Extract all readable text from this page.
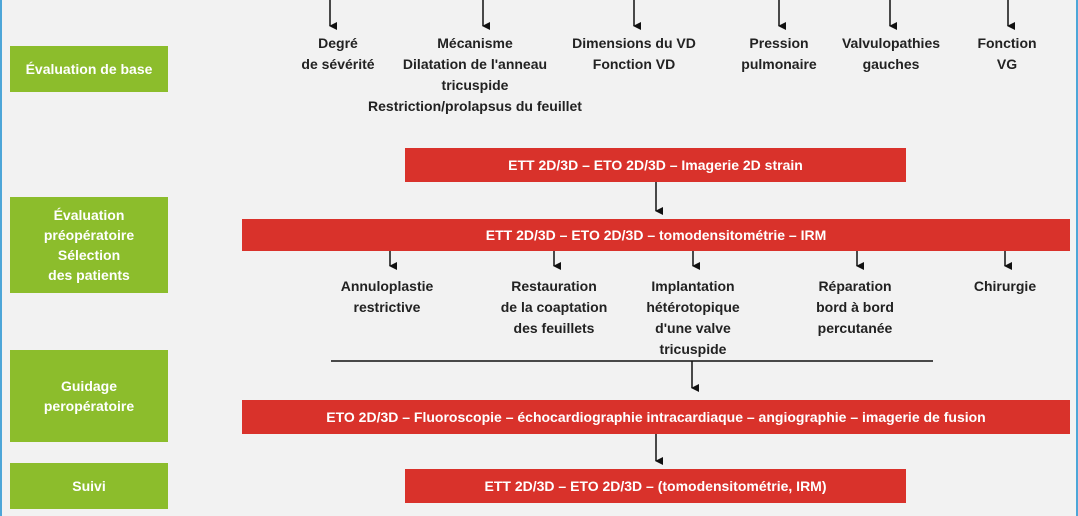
Évaluation de base
Évaluation
préopératoire
Sélection
des patients
Guidage
peropératoire
Suivi
Degré
de sévérité
Mécanisme
Dilatation de l'anneau
tricuspide
Restriction/prolapsus du feuillet
Dimensions du VD
Fonction VD
Pression
pulmonaire
Valvulopathies
gauches
Fonction
VG
ETT 2D/3D – ETO 2D/3D – Imagerie 2D strain
ETT 2D/3D – ETO 2D/3D – tomodensitométrie – IRM
ETO 2D/3D – Fluoroscopie – échocardiographie intracardiaque – angiographie – imagerie de fusion
ETT 2D/3D – ETO 2D/3D – (tomodensitométrie, IRM)
Annuloplastie
restrictive
Restauration
de la coaptation
des feuillets
Implantation
hétérotopique
d'une valve
tricuspide
Réparation
bord à bord
percutanée
Chirurgie
